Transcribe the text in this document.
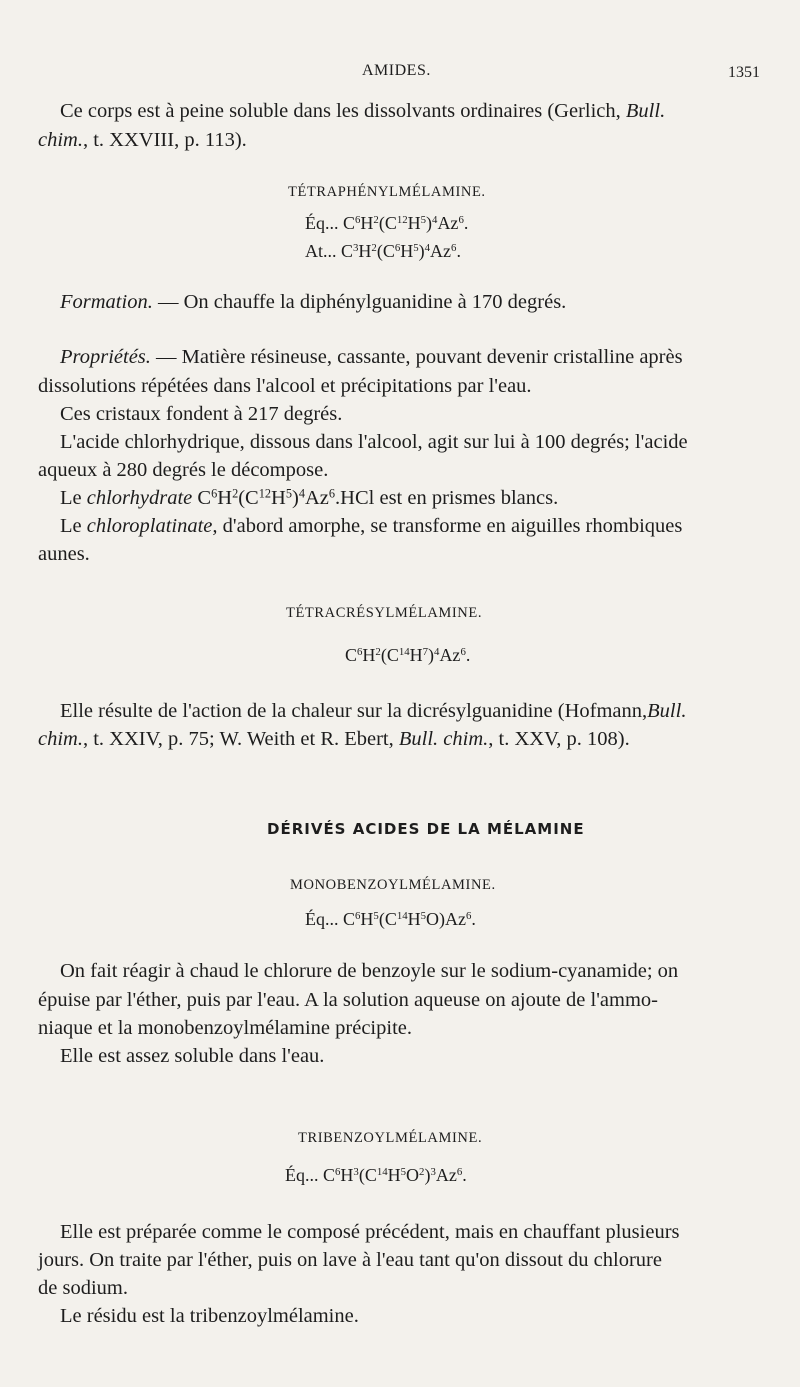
AMIDES.	1351
Ce corps est à peine soluble dans les dissolvants ordinaires (Gerlich, Bull.
chim., t. XXVIII, p. 113).
TÉTRAPHÉNYLMÉLAMINE.
Éq... $C^6H^2(C^{12}H^5)^4Az^6$.
At... $C^3H^2(C^6H^5)^4Az^6$.
Formation. — On chauffe la diphénylguanidine à 170 degrés.
Propriétés. — Matière résineuse, cassante, pouvant devenir cristalline après
dissolutions répétées dans l'alcool et précipitations par l'eau.
Ces cristaux fondent à 217 degrés.
L'acide chlorhydrique, dissous dans l'alcool, agit sur lui à 100 degrés; l'acide
aqueux à 280 degrés le décompose.
Le chlorhydrate $C^6H^2(C^{12}H^5)^4Az^6.HCl$ est en prismes blancs.
Le chloroplatinate, d'abord amorphe, se transforme en aiguilles rhombiques
aunes.
TÉTRACRÉSYLMÉLAMINE.
$C^6H^2(C^{14}H^7)^4Az^6$.
Elle résulte de l'action de la chaleur sur la dicrésylguanidine (Hofmann,Bull.
chim., t. XXIV, p. 75; W. Weith et R. Ebert, Bull. chim., t. XXV, p. 108).
DÉRIVÉS ACIDES DE LA MÉLAMINE
MONOBENZOYLMÉLAMINE.
Éq... $C^6H^5(C^{14}H^5O)Az^6$.
On fait réagir à chaud le chlorure de benzoyle sur le sodium-cyanamide; on
épuise par l'éther, puis par l'eau. A la solution aqueuse on ajoute de l'ammo-
niaque et la monobenzoylmélamine précipite.
Elle est assez soluble dans l'eau.
TRIBENZOYLMÉLAMINE.
Éq... $C^6H^3(C^{14}H^5O^2)^3Az^6$.
Elle est préparée comme le composé précédent, mais en chauffant plusieurs
jours. On traite par l'éther, puis on lave à l'eau tant qu'on dissout du chlorure
de sodium.
Le résidu est la tribenzoylmélamine.
